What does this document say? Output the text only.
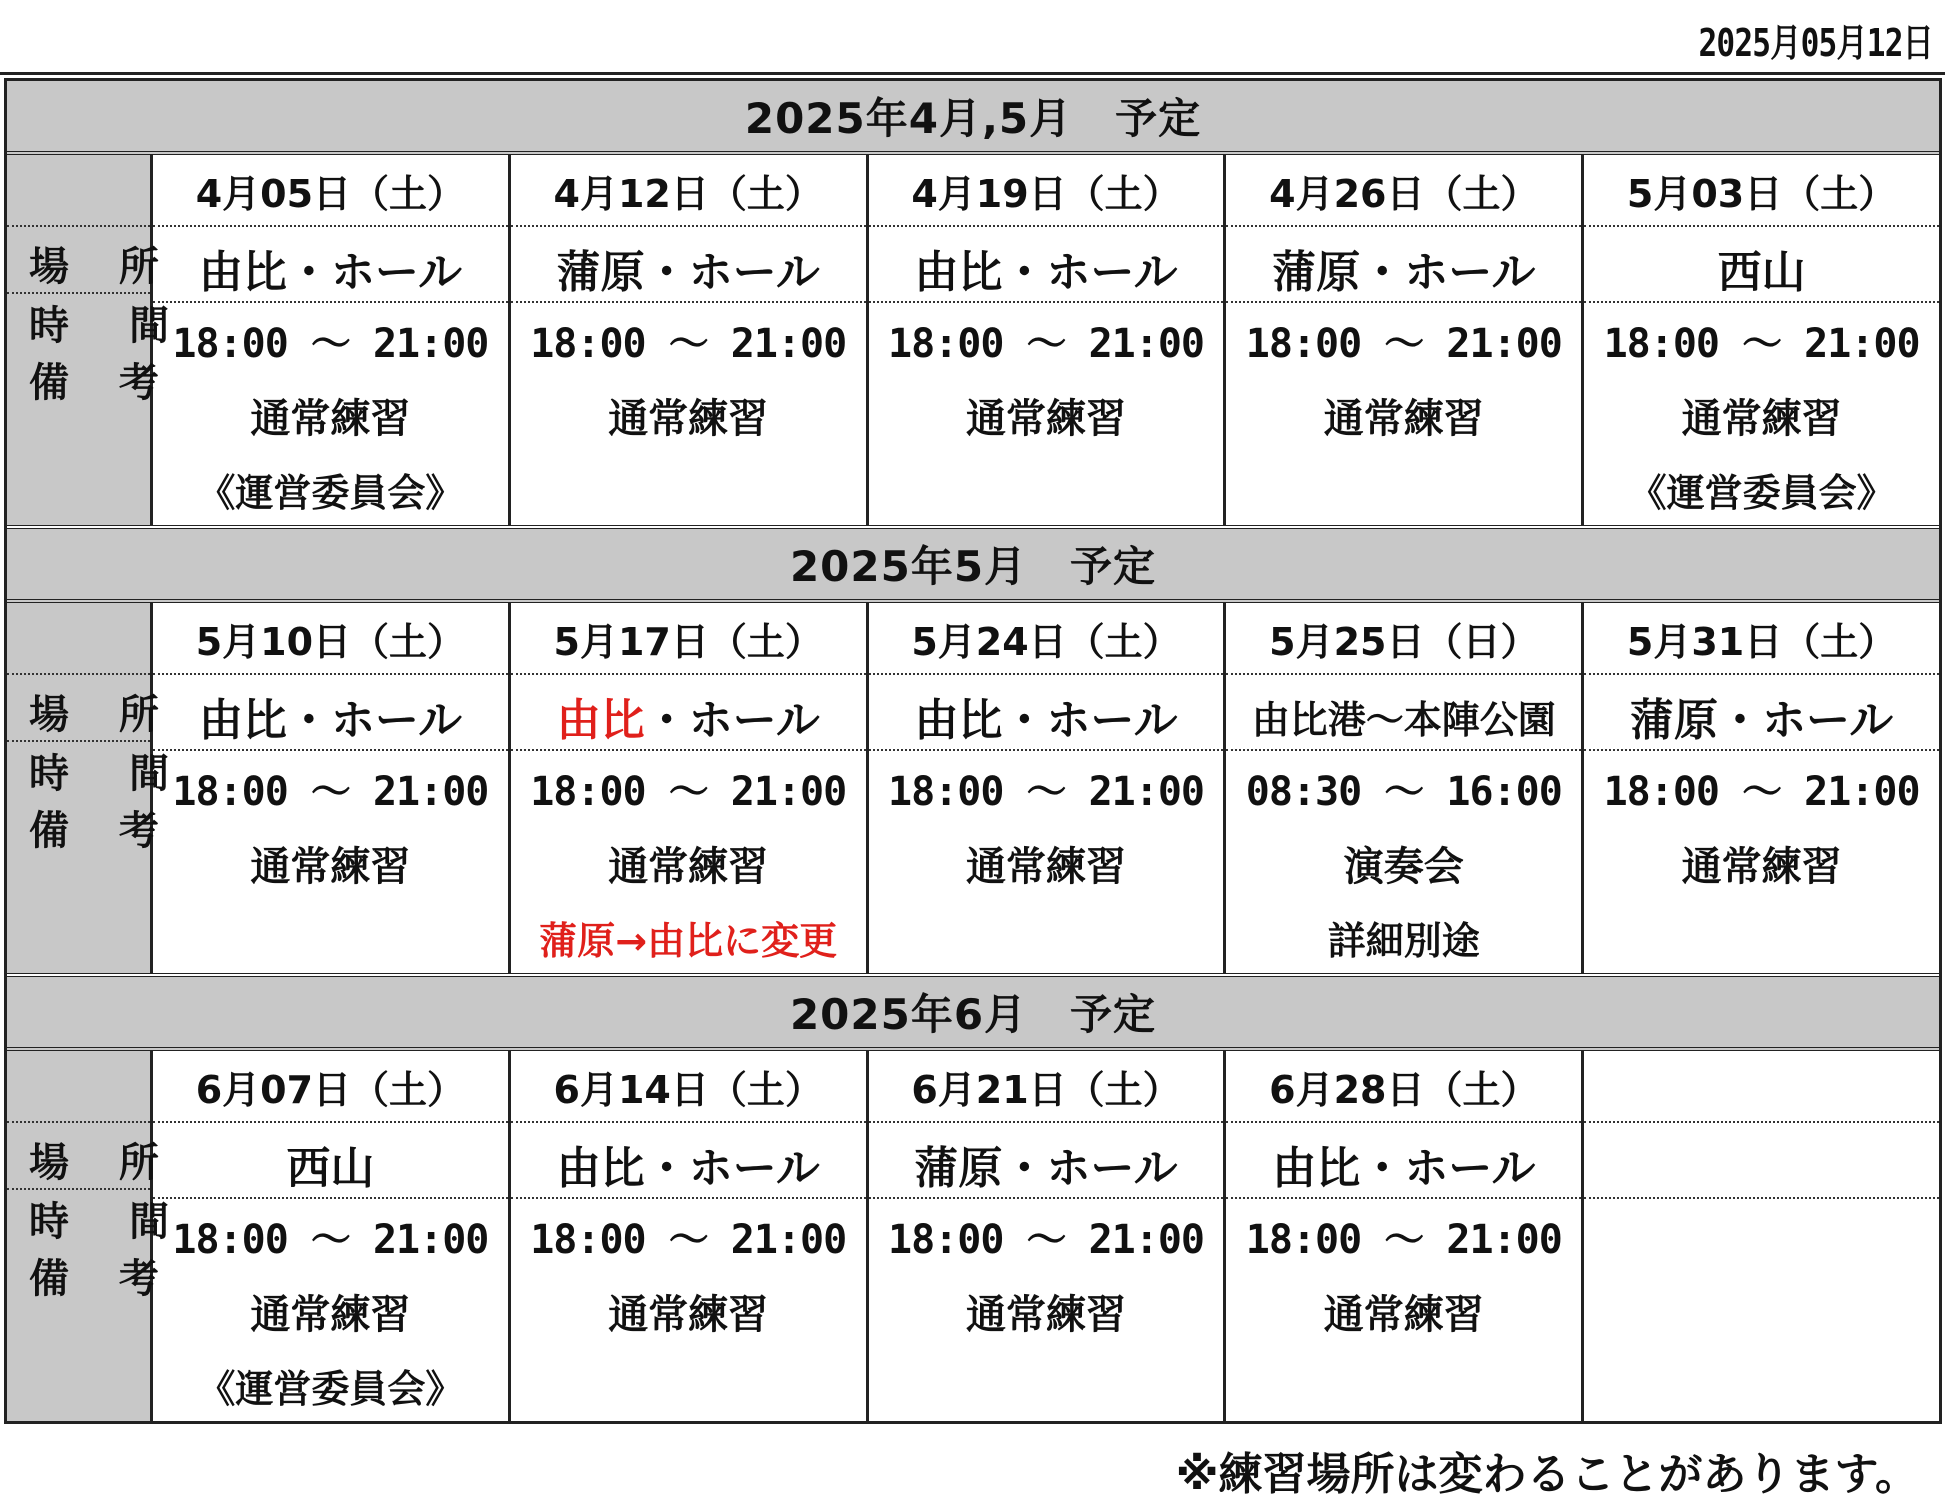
2025月05月12日
2025年4月,5月　予定
場 所
時 間
備 考
4月05日（土）
由比・ホール
18:00 ～ 21:00
通常練習
《運営委員会》
4月12日（土）
蒲原・ホール
18:00 ～ 21:00
通常練習
4月19日（土）
由比・ホール
18:00 ～ 21:00
通常練習
4月26日（土）
蒲原・ホール
18:00 ～ 21:00
通常練習
5月03日（土）
西山
18:00 ～ 21:00
通常練習
《運営委員会》
2025年5月　予定
場 所
時 間
備 考
5月10日（土）
由比・ホール
18:00 ～ 21:00
通常練習
5月17日（土）
由比 ・ホール
18:00 ～ 21:00
通常練習
蒲原→由比に変更
5月24日（土）
由比・ホール
18:00 ～ 21:00
通常練習
5月25日（日）
由比港～本陣公園
08:30 ～ 16:00
演奏会
詳細別途
5月31日（土）
蒲原・ホール
18:00 ～ 21:00
通常練習
2025年6月　予定
場 所
時 間
備 考
6月07日（土）
西山
18:00 ～ 21:00
通常練習
《運営委員会》
6月14日（土）
由比・ホール
18:00 ～ 21:00
通常練習
6月21日（土）
蒲原・ホール
18:00 ～ 21:00
通常練習
6月28日（土）
由比・ホール
18:00 ～ 21:00
通常練習
※練習場所は変わることがあります。
